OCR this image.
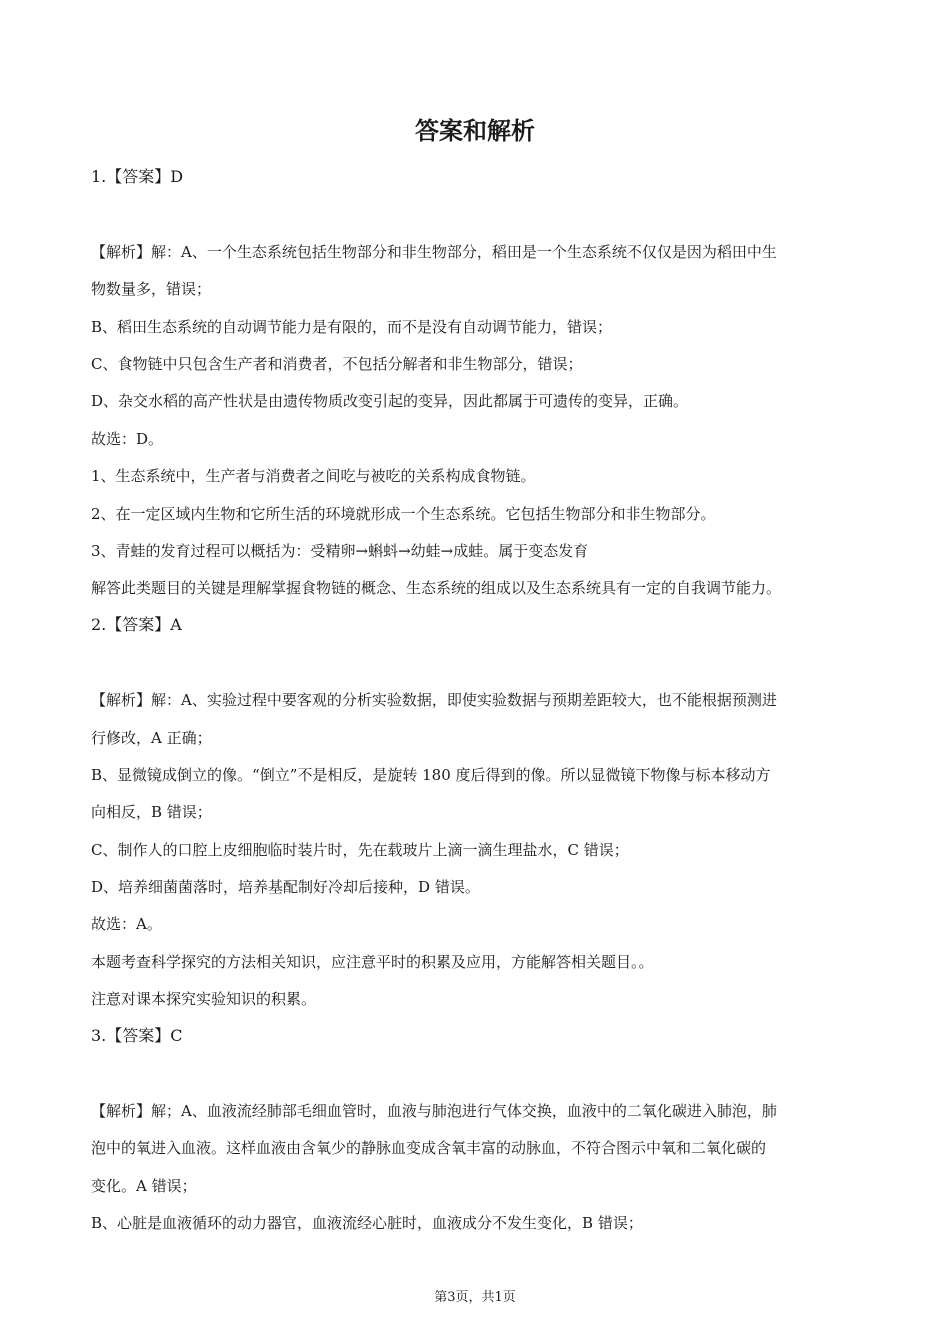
答案和解析
1.【答案】D
【解析】解：A、一个生态系统包括生物部分和非生物部分，稻田是一个生态系统不仅仅是因为稻田中生
物数量多，错误；
B、稻田生态系统的自动调节能力是有限的，而不是没有自动调节能力，错误；
C、食物链中只包含生产者和消费者，不包括分解者和非生物部分，错误；
D、杂交水稻的高产性状是由遗传物质改变引起的变异，因此都属于可遗传的变异，正确。
故选：D。
1、生态系统中，生产者与消费者之间吃与被吃的关系构成食物链。
2、在一定区域内生物和它所生活的环境就形成一个生态系统。它包括生物部分和非生物部分。
3、青蛙的发育过程可以概括为：受精卵→蝌蚪→幼蛙→成蛙。属于变态发育
解答此类题目的关键是理解掌握食物链的概念、生态系统的组成以及生态系统具有一定的自我调节能力。
2.【答案】A
【解析】解：A、实验过程中要客观的分析实验数据，即使实验数据与预期差距较大，也不能根据预测进
行修改，A 正确；
B、显微镜成倒立的像。“倒立”不是相反，是旋转 180 度后得到的像。所以显微镜下物像与标本移动方
向相反，B 错误；
C、制作人的口腔上皮细胞临时装片时，先在载玻片上滴一滴生理盐水，C 错误；
D、培养细菌菌落时，培养基配制好冷却后接种，D 错误。
故选：A。
本题考查科学探究的方法相关知识，应注意平时的积累及应用，方能解答相关题目。。
注意对课本探究实验知识的积累。
3.【答案】C
【解析】解；A、血液流经肺部毛细血管时，血液与肺泡进行气体交换，血液中的二氧化碳进入肺泡，肺
泡中的氧进入血液。这样血液由含氧少的静脉血变成含氧丰富的动脉血，不符合图示中氧和二氧化碳的
变化。A 错误；
B、心脏是血液循环的动力器官，血液流经心脏时，血液成分不发生变化，B 错误；
第3页，共1页
